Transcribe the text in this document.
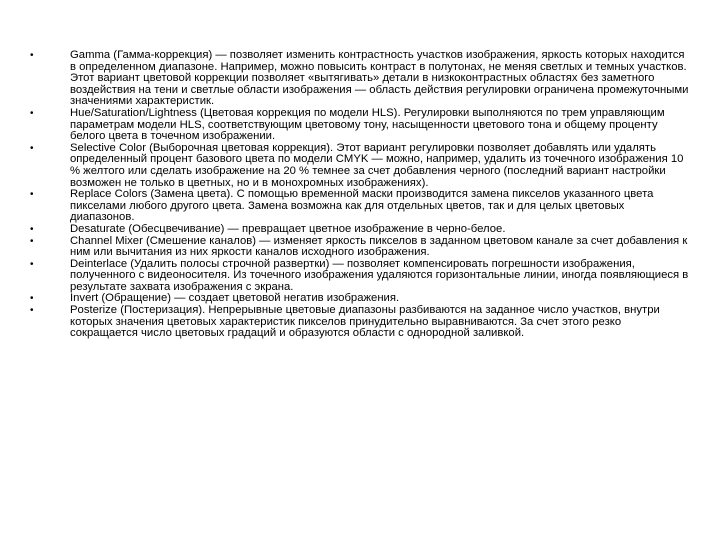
•	Gamma (Гамма-коррекция) — позволяет изменить контрастность участков изображения, яркость которых находится в определенном диапазоне. Например, можно повысить контраст в полутонах, не меняя светлых и темных участков. Этот вариант цветовой коррекции позволяет «вытягивать» детали в низкоконтрастных областях без заметного воздействия на тени и светлые области изображения — область действия регулировки ограничена промежуточными значениями характеристик.
•	Hue/Saturation/Lightness (Цветовая коррекция по модели HLS). Регулировки выполняются по трем управляющим параметрам модели HLS, соответствующим цветовому тону, насыщенности цветового тона и общему проценту белого цвета в точечном изображении.
•	Selective Color (Выборочная цветовая коррекция). Этот вариант регулировки позволяет добавлять или удалять определенный процент базового цвета по модели CMYK — можно, например, удалить из точечного изображения 10 % желтого или сделать изображение на 20 % темнее за счет добавления черного (последний вариант настройки возможен не только в цветных, но и в монохромных изображениях).
•	Replace Colors (Замена цвета). С помощью временной маски производится замена пикселов указанного цвета пикселами любого другого цвета. Замена возможна как для отдельных цветов, так и для целых цветовых диапазонов.
•	Desaturate (Обесцвечивание) — превращает цветное изображение в черно-белое.
•	Channel Mixer (Смешение каналов) — изменяет яркость пикселов в заданном цветовом канале за счет добавления к ним или вычитания из них яркости каналов исходного изображения.
•	Deinterlace (Удалить полосы строчной развертки) — позволяет компенсировать погрешности изображения, полученного с видеоносителя. Из точечного изображения удаляются горизонтальные линии, иногда появляющиеся в результате захвата изображения с экрана.
•	Invert (Обращение) — создает цветовой негатив изображения.
•	Posterize (Постеризация). Непрерывные цветовые диапазоны разбиваются на заданное число участков, внутри которых значения цветовых характеристик пикселов принудительно выравниваются. За счет этого резко сокращается число цветовых градаций и образуются области с однородной заливкой.
